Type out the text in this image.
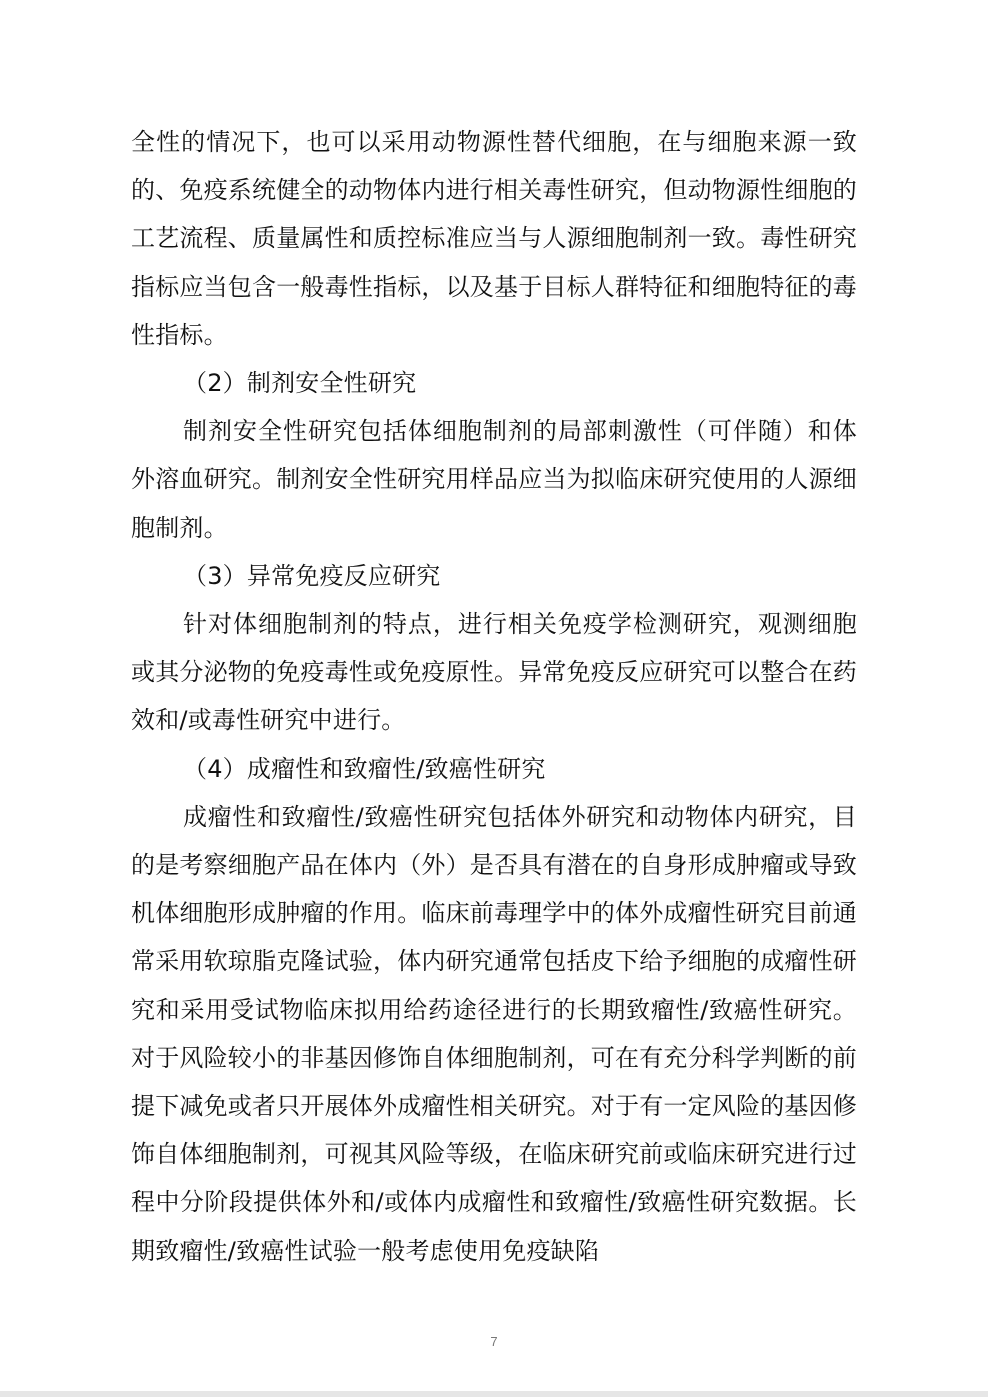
全性的情况下，也可以采用动物源性替代细胞，在与细胞来源一致的、免疫系统健全的动物体内进行相关毒性研究，但动物源性细胞的工艺流程、质量属性和质控标准应当与人源细胞制剂一致。毒性研究指标应当包含一般毒性指标，以及基于目标人群特征和细胞特征的毒性指标。

（2）制剂安全性研究

制剂安全性研究包括体细胞制剂的局部刺激性（可伴随）和体外溶血研究。制剂安全性研究用样品应当为拟临床研究使用的人源细胞制剂。

（3）异常免疫反应研究

针对体细胞制剂的特点，进行相关免疫学检测研究，观测细胞或其分泌物的免疫毒性或免疫原性。异常免疫反应研究可以整合在药效和/或毒性研究中进行。

（4）成瘤性和致瘤性/致癌性研究

成瘤性和致瘤性/致癌性研究包括体外研究和动物体内研究，目的是考察细胞产品在体内（外）是否具有潜在的自身形成肿瘤或导致机体细胞形成肿瘤的作用。临床前毒理学中的体外成瘤性研究目前通常采用软琼脂克隆试验，体内研究通常包括皮下给予细胞的成瘤性研究和采用受试物临床拟用给药途径进行的长期致瘤性/致癌性研究。对于风险较小的非基因修饰自体细胞制剂，可在有充分科学判断的前提下减免或者只开展体外成瘤性相关研究。对于有一定风险的基因修饰自体细胞制剂，可视其风险等级，在临床研究前或临床研究进行过程中分阶段提供体外和/或体内成瘤性和致瘤性/致癌性研究数据。长期致瘤性/致癌性试验一般考虑使用免疫缺陷

7
